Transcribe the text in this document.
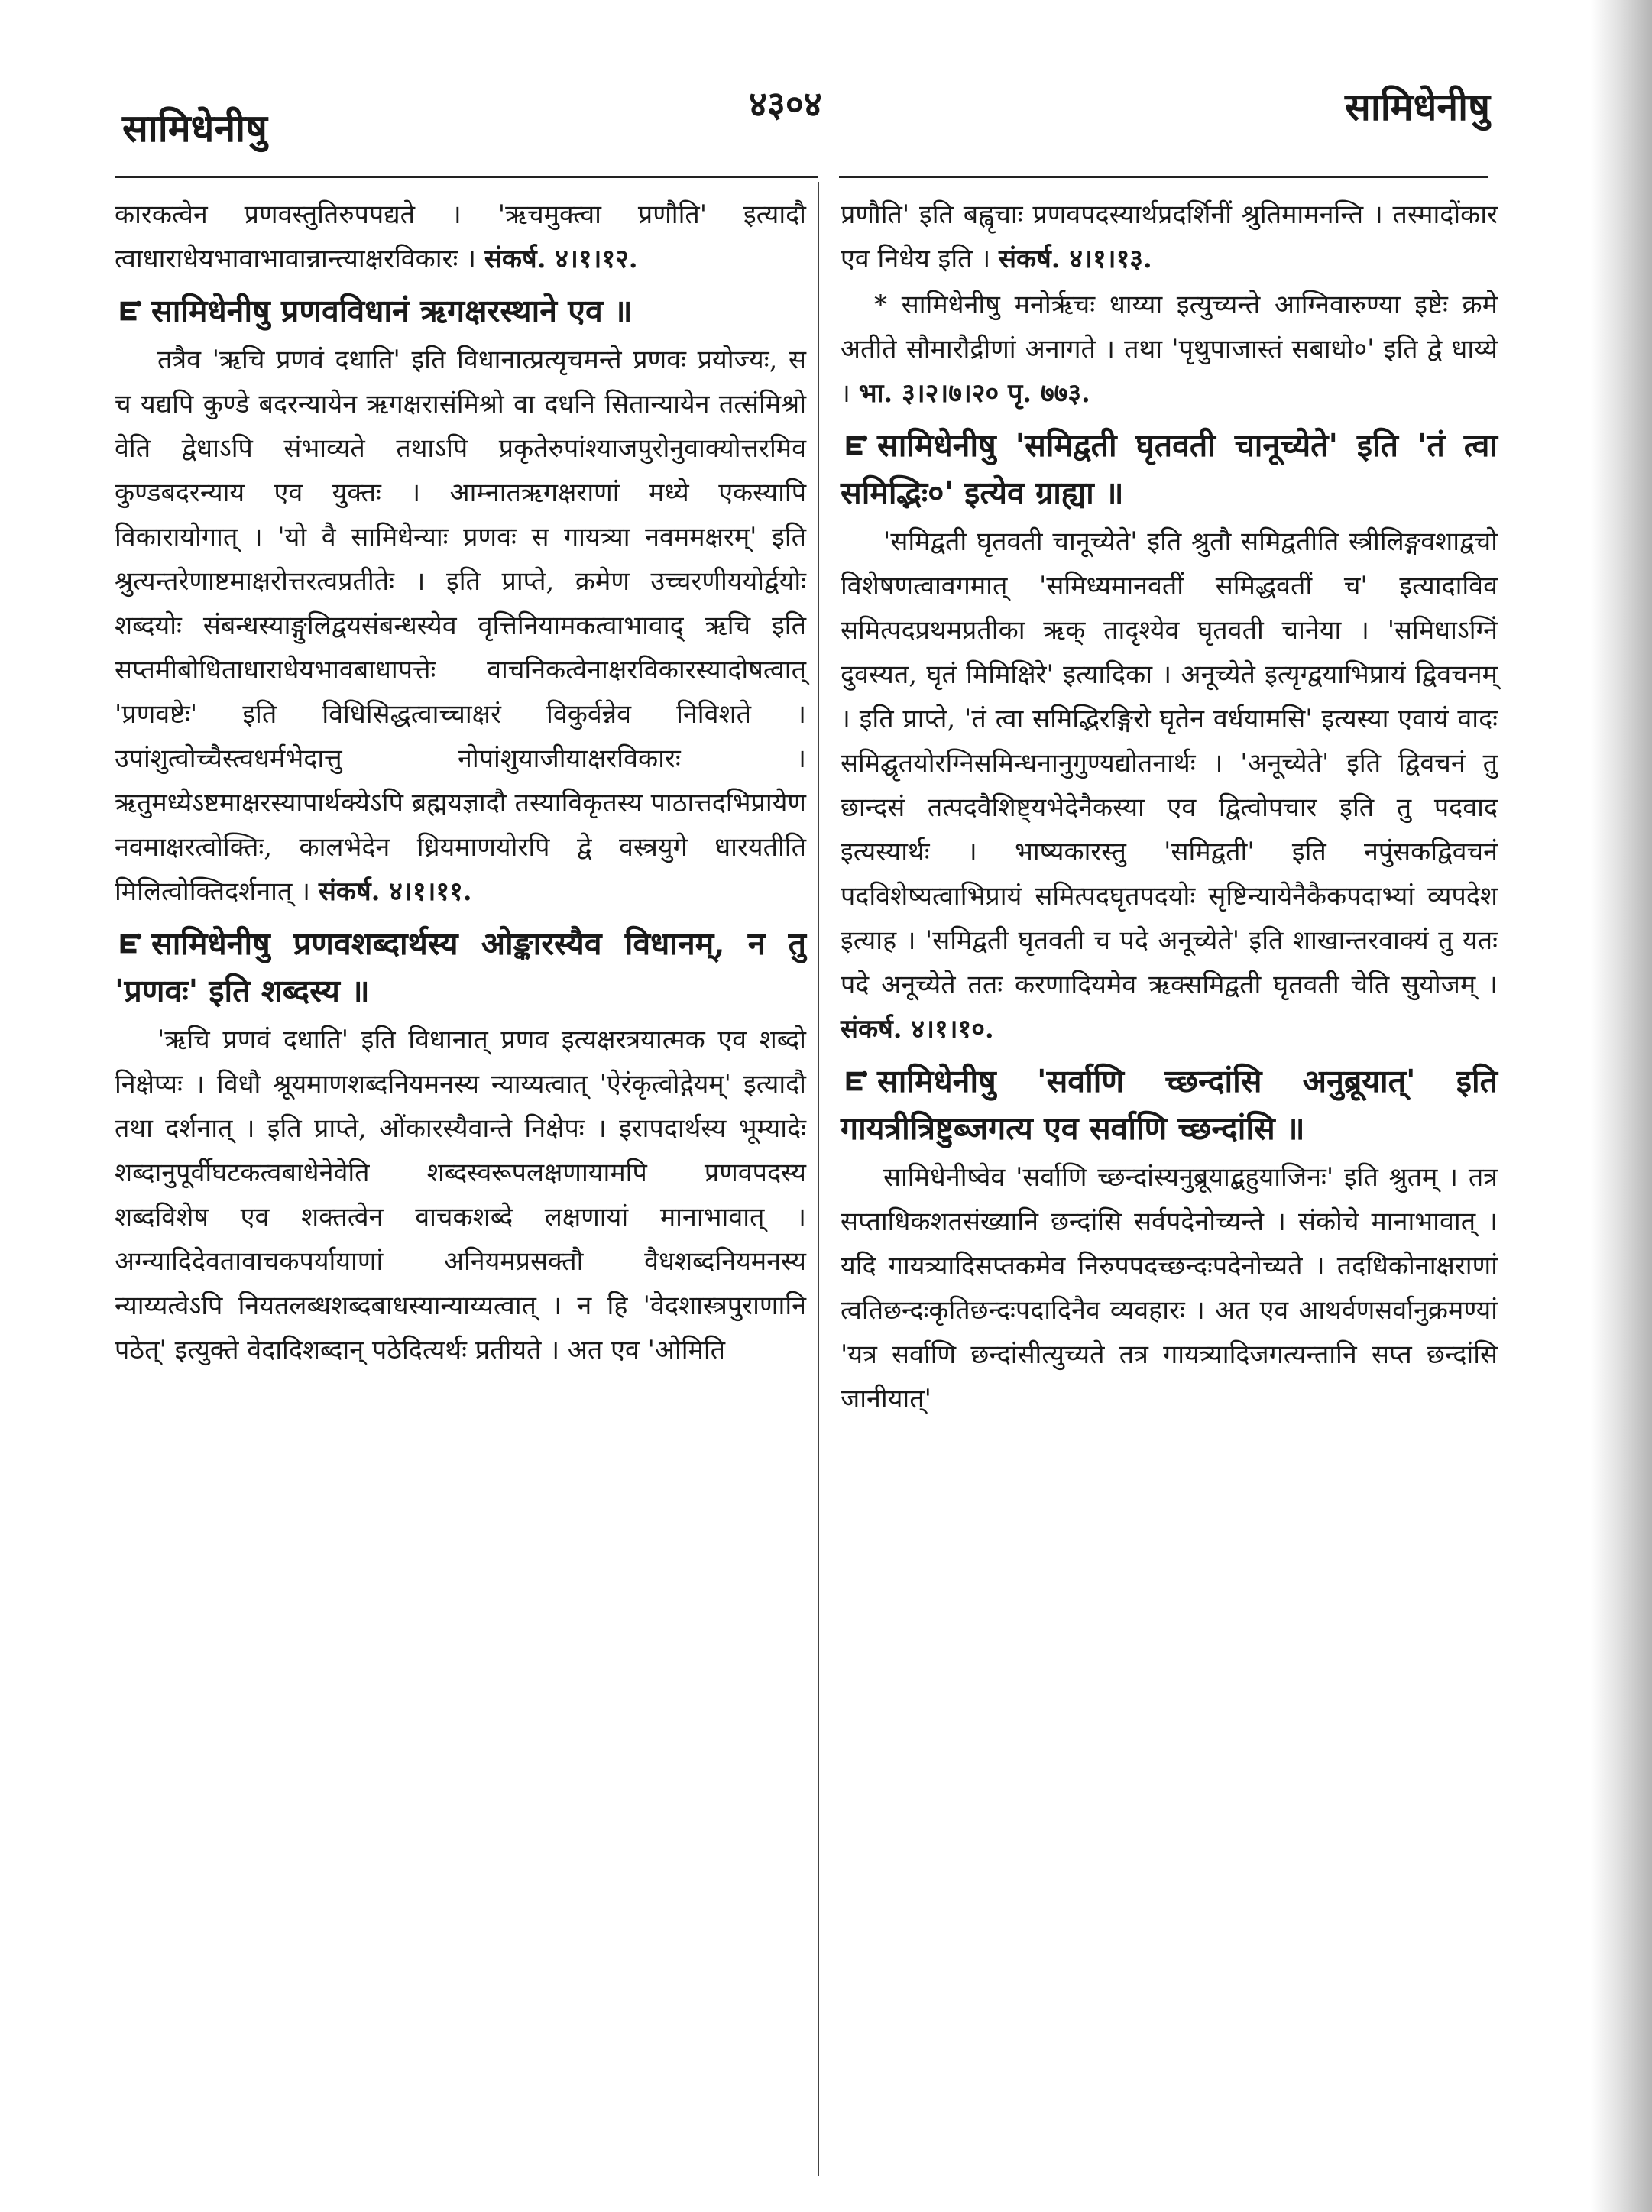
सामिधेनीषु
४३०४	सामिधेनीषु

कारकत्वेन प्रणवस्तुतिरुपपद्यते । 'ऋचमुक्त्वा प्रणौति' इत्यादौ त्वाधाराधेयभावाभावान्नान्त्याक्षरविकारः । संकर्ष. ४।१।१२.

सामिधेनीषु प्रणवविधानं ऋगक्षरस्थाने एव ॥

तत्रैव 'ऋचि प्रणवं दधाति' इति विधानात्प्रत्यृचमन्ते प्रणवः प्रयोज्यः, स च यद्यपि कुण्डे बदरन्यायेन ऋगक्षरासंमिश्रो वा दधनि सितान्यायेन तत्संमिश्रो वेति द्वेधाऽपि संभाव्यते तथाऽपि प्रकृतेरुपांश्याजपुरोनुवाक्योत्तरमिव कुण्डबदरन्याय एव युक्तः । आम्नातऋगक्षराणां मध्ये एकस्यापि विकारायोगात् । 'यो वै सामिधेन्याः प्रणवः स गायत्र्या नवममक्षरम्' इति श्रुत्यन्तरेणाष्टमाक्षरोत्तरत्वप्रतीतेः । इति प्राप्ते, क्रमेण उच्चरणीययोर्द्वयोः शब्दयोः संबन्धस्याङ्गुलिद्वयसंबन्धस्येव वृत्तिनियामकत्वाभावाद् ऋचि इति सप्तमीबोधिताधाराधेयभावबाधापत्तेः वाचनिकत्वेनाक्षरविकारस्यादोषत्वात् 'प्रणवष्टेः' इति विधिसिद्धत्वाच्चाक्षरं विकुर्वन्नेव निविशते । उपांशुत्वोच्चैस्त्वधर्मभेदात्तु नोपांशुयाजीयाक्षरविकारः । ऋतुमध्येऽष्टमाक्षरस्यापार्थक्येऽपि ब्रह्मयज्ञादौ तस्याविकृतस्य पाठात्तदभिप्रायेण नवमाक्षरत्वोक्तिः, कालभेदेन ध्रियमाणयोरपि द्वे वस्त्रयुगे धारयतीति मिलित्वोक्तिदर्शनात् । संकर्ष. ४।१।११.

सामिधेनीषु प्रणवशब्दार्थस्य ओङ्कारस्यैव विधानम्, न तु 'प्रणवः' इति शब्दस्य ॥

'ऋचि प्रणवं दधाति' इति विधानात् प्रणव इत्यक्षरत्रयात्मक एव शब्दो निक्षेप्यः । विधौ श्रूयमाणशब्दनियमनस्य न्याय्यत्वात् 'ऐरंकृत्वोद्गेयम्' इत्यादौ तथा दर्शनात् । इति प्राप्ते, ओंकारस्यैवान्ते निक्षेपः । इरापदार्थस्य भूम्यादेः शब्दानुपूर्वीघटकत्वबाधेनेवेति शब्दस्वरूपलक्षणायामपि प्रणवपदस्य शब्दविशेष एव शक्तत्वेन वाचकशब्दे लक्षणायां मानाभावात् । अग्न्यादिदेवतावाचकपर्यायाणां अनियमप्रसक्तौ वैधशब्दनियमनस्य न्याय्यत्वेऽपि नियतलब्धशब्दबाधस्यान्याय्यत्वात् । न हि 'वेदशास्त्रपुराणानि पठेत्' इत्युक्ते वेदादिशब्दान् पठेदित्यर्थः प्रतीयते । अत एव 'ओमिति

प्रणौति' इति बह्वृचाः प्रणवपदस्यार्थप्रदर्शिनीं श्रुतिमामनन्ति । तस्मादोंकार एव निधेय इति । संकर्ष. ४।१।१३.

* सामिधेनीषु मनोर्ऋचः धाय्या इत्युच्यन्ते आग्निवारुण्या इष्टेः क्रमे अतीते सौमारौद्रीणां अनागते । तथा 'पृथुपाजास्तं सबाधो०' इति द्वे धाय्ये । भा. ३।२।७।२० पृ. ७७३.

सामिधेनीषु 'समिद्वती घृतवती चानूच्येते' इति 'तं त्वा समिद्भिः०' इत्येव ग्राह्या ॥

'समिद्वती घृतवती चानूच्येते' इति श्रुतौ समिद्वतीति स्त्रीलिङ्गवशाद्वचो विशेषणत्वावगमात् 'समिध्यमानवतीं समिद्धवतीं च' इत्यादाविव समित्पदप्रथमप्रतीका ऋक् तादृश्येव घृतवती चानेया । 'समिधाऽग्निं दुवस्यत, घृतं मिमिक्षिरे' इत्यादिका । अनूच्येते इत्यृग्द्वयाभिप्रायं द्विवचनम् । इति प्राप्ते, 'तं त्वा समिद्भिरङ्गिरो घृतेन वर्धयामसि' इत्यस्या एवायं वादः समिद्घृतयोरग्निसमिन्धनानुगुण्यद्योतनार्थः । 'अनूच्येते' इति द्विवचनं तु छान्दसं तत्पदवैशिष्ट्यभेदेनैकस्या एव द्वित्वोपचार इति तु पदवाद इत्यस्यार्थः । भाष्यकारस्तु 'समिद्वती' इति नपुंसकद्विवचनं पदविशेष्यत्वाभिप्रायं समित्पदघृतपदयोः सृष्टिन्यायेनैकैकपदाभ्यां व्यपदेश इत्याह । 'समिद्वती घृतवती च पदे अनूच्येते' इति शाखान्तरवाक्यं तु यतः पदे अनूच्येते ततः करणादियमेव ऋक्समिद्वती घृतवती चेति सुयोजम् । संकर्ष. ४।१।१०.

सामिधेनीषु 'सर्वाणि च्छन्दांसि अनुब्रूयात्' इति गायत्रीत्रिष्टुब्जगत्य एव सर्वाणि च्छन्दांसि ॥

सामिधेनीष्वेव 'सर्वाणि च्छन्दांस्यनुब्रूयाद्बहुयाजिनः' इति श्रुतम् । तत्र सप्ताधिकशतसंख्यानि छन्दांसि सर्वपदेनोच्यन्ते । संकोचे मानाभावात् । यदि गायत्र्यादिसप्तकमेव निरुपपदच्छन्दःपदेनोच्यते । तदधिकोनाक्षराणां त्वतिछन्दःकृतिछन्दःपदादिनैव व्यवहारः । अत एव आथर्वणसर्वानुक्रमण्यां 'यत्र सर्वाणि छन्दांसीत्युच्यते तत्र गायत्र्यादिजगत्यन्तानि सप्त छन्दांसि जानीयात्'
